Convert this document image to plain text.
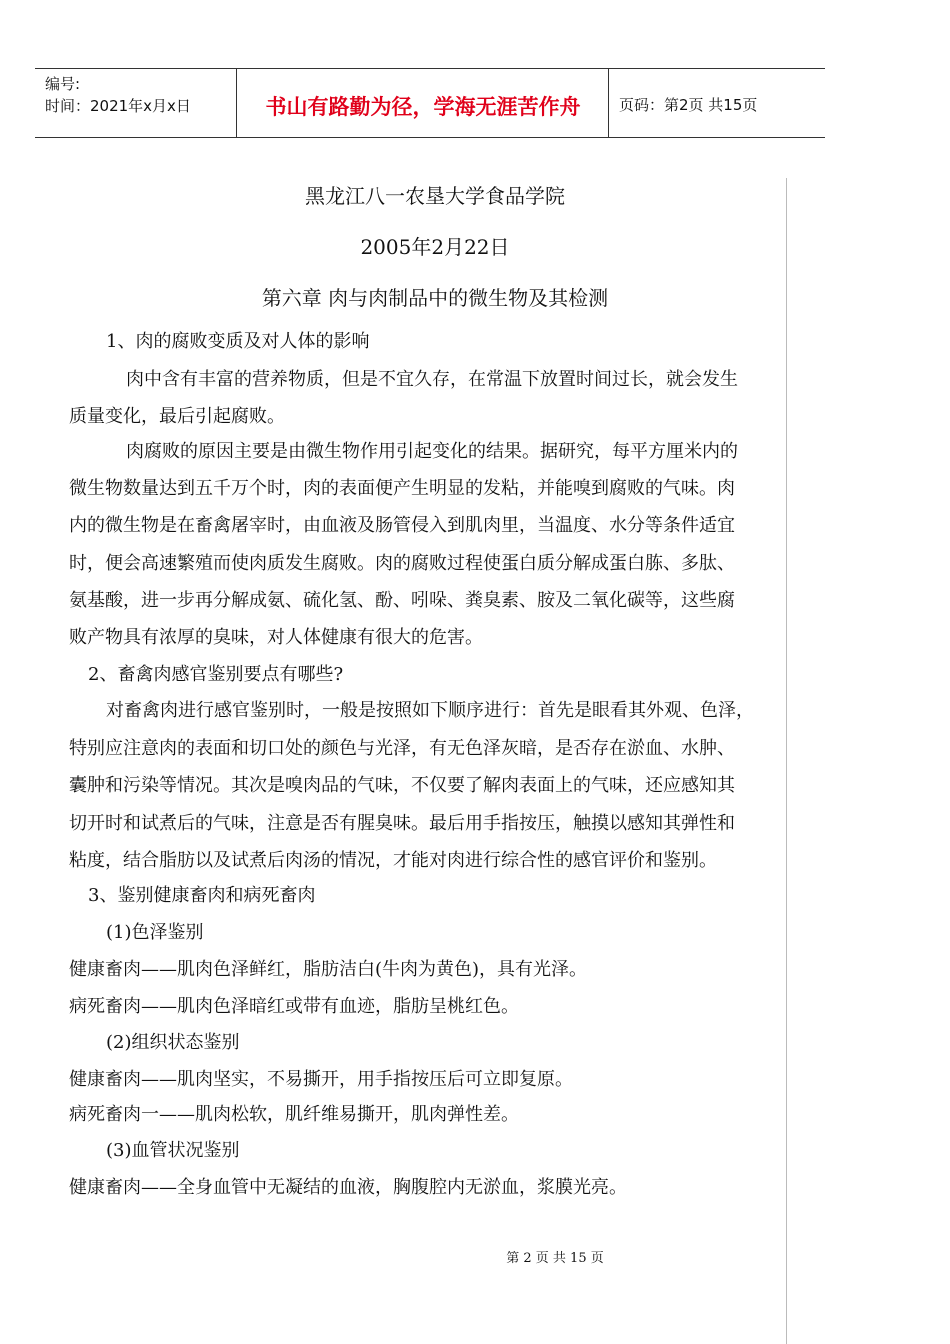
编号:
时间：2021年x月x日	书山有路勤为径，学海无涯苦作舟	页码：第2页 共15页
黑龙江八一农垦大学食品学院
2005年2月22日
第六章 肉与肉制品中的微生物及其检测
1、肉的腐败变质及对人体的影响
肉中含有丰富的营养物质，但是不宜久存，在常温下放置时间过长，就会发生
质量变化，最后引起腐败。
肉腐败的原因主要是由微生物作用引起变化的结果。据研究，每平方厘米内的
微生物数量达到五千万个时，肉的表面便产生明显的发粘，并能嗅到腐败的气味。肉
内的微生物是在畜禽屠宰时，由血液及肠管侵入到肌肉里，当温度、水分等条件适宜
时，便会高速繁殖而使肉质发生腐败。肉的腐败过程使蛋白质分解成蛋白胨、多肽、
氨基酸，进一步再分解成氨、硫化氢、酚、吲哚、粪臭素、胺及二氧化碳等，这些腐
败产物具有浓厚的臭味，对人体健康有很大的危害。
2、畜禽肉感官鉴别要点有哪些?
对畜禽肉进行感官鉴别时，一般是按照如下顺序进行：首先是眼看其外观、色泽，
特别应注意肉的表面和切口处的颜色与光泽，有无色泽灰暗，是否存在淤血、水肿、
囊肿和污染等情况。其次是嗅肉品的气味，不仅要了解肉表面上的气味，还应感知其
切开时和试煮后的气味，注意是否有腥臭味。最后用手指按压，触摸以感知其弹性和
粘度，结合脂肪以及试煮后肉汤的情况，才能对肉进行综合性的感官评价和鉴别。
3、鉴别健康畜肉和病死畜肉
(1)色泽鉴别
健康畜肉——肌肉色泽鲜红，脂肪洁白(牛肉为黄色)，具有光泽。
病死畜肉——肌肉色泽暗红或带有血迹，脂肪呈桃红色。
(2)组织状态鉴别
健康畜肉——肌肉坚实，不易撕开，用手指按压后可立即复原。
病死畜肉一——肌肉松软，肌纤维易撕开，肌肉弹性差。
(3)血管状况鉴别
健康畜肉——全身血管中无凝结的血液，胸腹腔内无淤血，浆膜光亮。
第 2 页 共 15 页
